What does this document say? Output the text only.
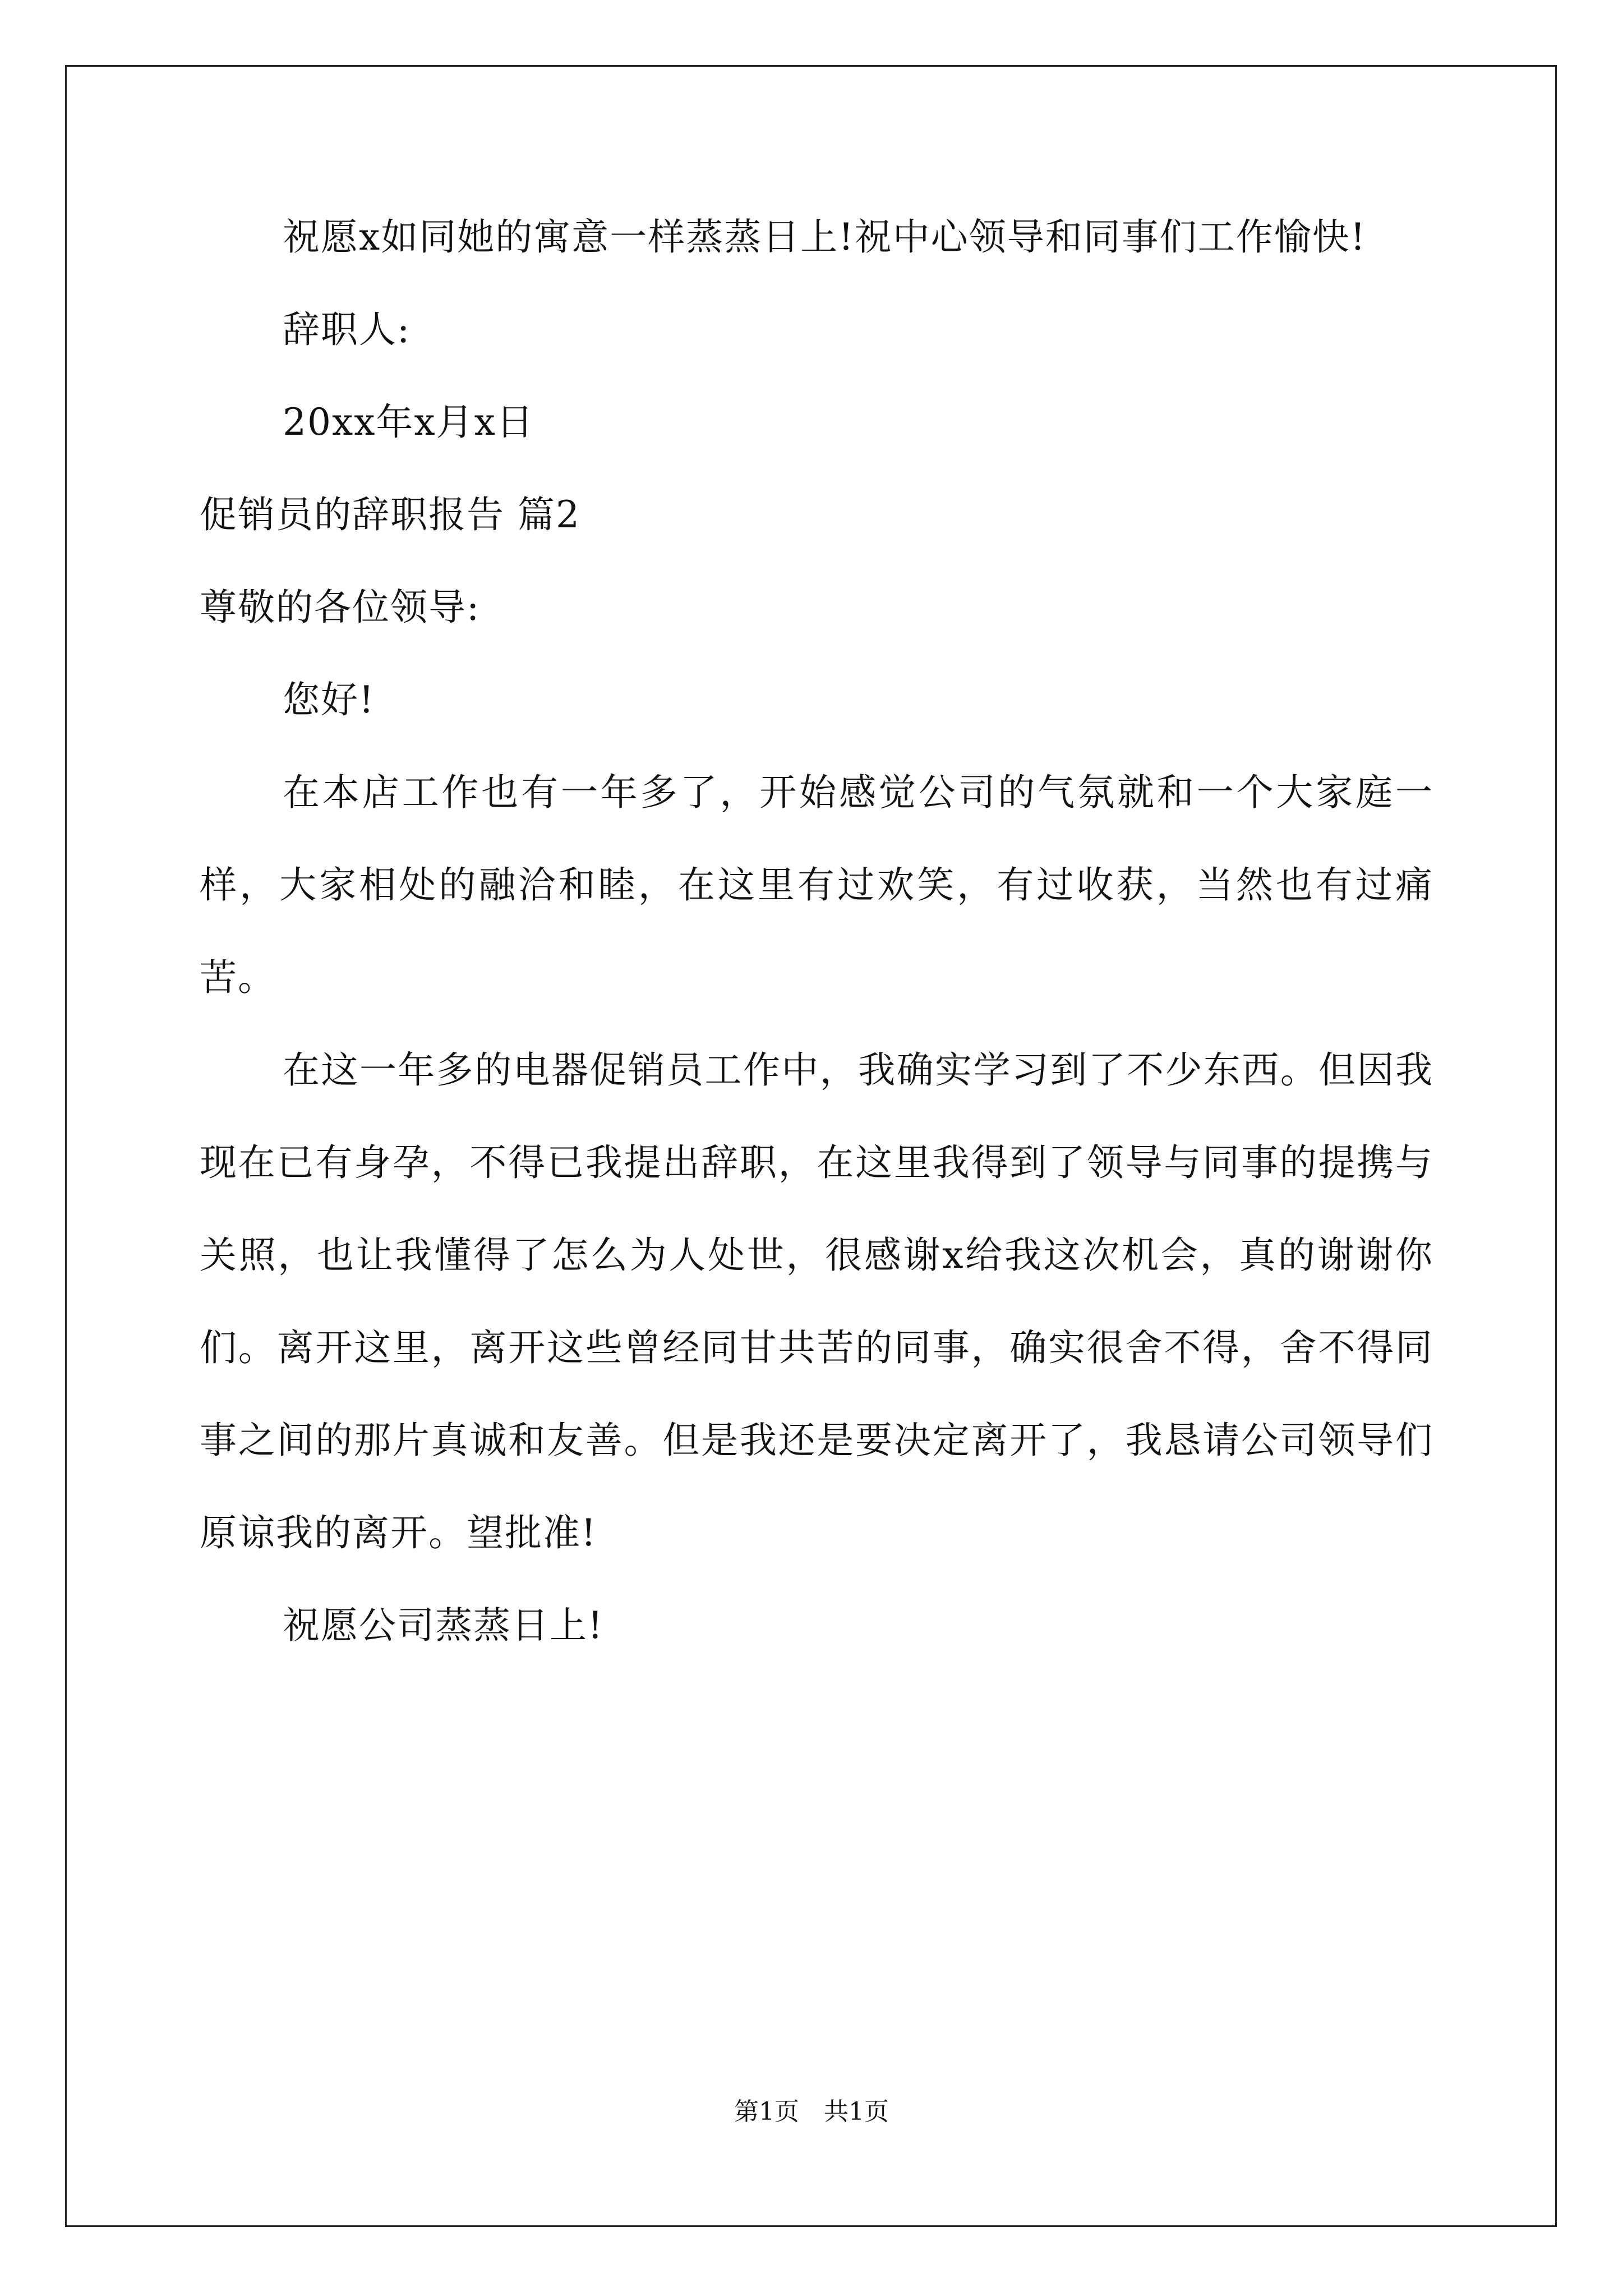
祝愿x如同她的寓意一样蒸蒸日上!祝中心领导和同事们工作愉快!

辞职人:

20xx年x月x日

促销员的辞职报告 篇2

尊敬的各位领导:

您好!

在本店工作也有一年多了，开始感觉公司的气氛就和一个大家庭一样，大家相处的融洽和睦，在这里有过欢笑，有过收获，当然也有过痛苦。

在这一年多的电器促销员工作中，我确实学习到了不少东西。但因我现在已有身孕，不得已我提出辞职，在这里我得到了领导与同事的提携与关照，也让我懂得了怎么为人处世，很感谢x给我这次机会，真的谢谢你们。离开这里，离开这些曾经同甘共苦的同事，确实很舍不得，舍不得同事之间的那片真诚和友善。但是我还是要决定离开了，我恳请公司领导们原谅我的离开。望批准!

祝愿公司蒸蒸日上!

第1页　共1页
